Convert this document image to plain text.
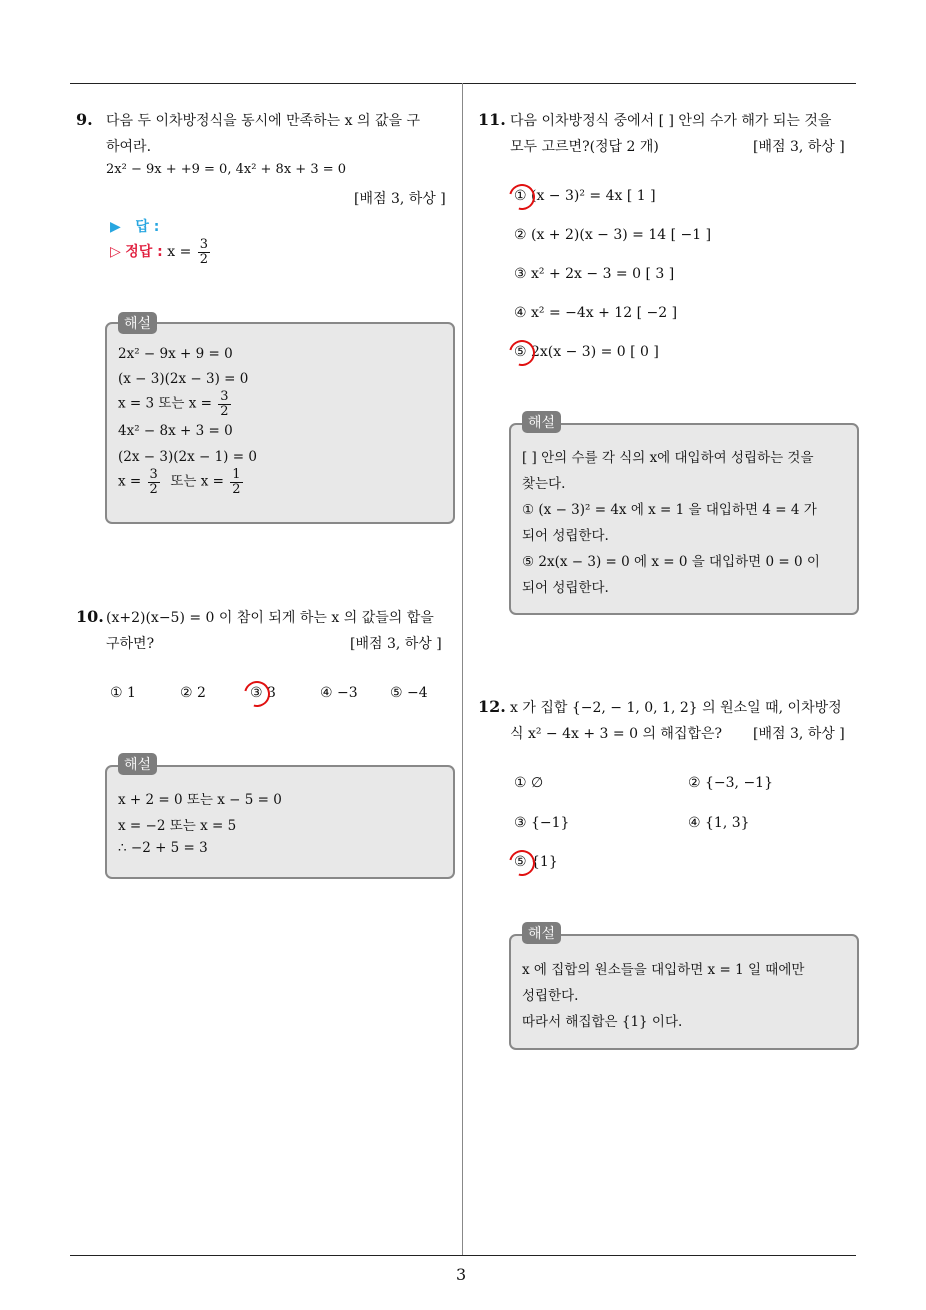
3
9. 다음 두 이차방정식을 동시에 만족하는 x 의 값을 구
하여라.
2x² − 9x + +9 = 0, 4x² + 8x + 3 = 0
[배점 3, 하상 ]
▶ 답 :
▷ 정답 : $x = \frac{3}{2}$
해설
2x² − 9x + 9 = 0
(x − 3)(2x − 3) = 0
x = 3 또는 $x = \frac{3}{2}$
4x² − 8x + 3 = 0
(2x − 3)(2x − 1) = 0
$x = \frac{3}{2}$ 또는 $x = \frac{1}{2}$
10. (x+2)(x−5) = 0 이 참이 되게 하는 x 의 값들의 합을
구하면?	[배점 3, 하상 ]
① 1	② 2	③ 3	④ −3 ⑤ −4
해설
x + 2 = 0 또는 x − 5 = 0
x = −2 또는 x = 5
∴ −2 + 5 = 3
11. 다음 이차방정식 중에서 [ ] 안의 수가 해가 되는 것을
모두 고르면?(정답 2 개)	[배점 3, 하상 ]
① (x − 3)² = 4x [ 1 ]
② (x + 2)(x − 3) = 14 [ −1 ]
③ x² + 2x − 3 = 0 [ 3 ]
④ x² = −4x + 12 [ −2 ]
⑤ 2x(x − 3) = 0 [ 0 ]
해설
[ ] 안의 수를 각 식의 x에 대입하여 성립하는 것을
찾는다.
① (x − 3)² = 4x 에 x = 1 을 대입하면 4 = 4 가
되어 성립한다.
⑤ 2x(x − 3) = 0 에 x = 0 을 대입하면 0 = 0 이
되어 성립한다.
12. x 가 집합 {−2, − 1, 0, 1, 2} 의 원소일 때, 이차방정
식 x² − 4x + 3 = 0 의 해집합은? [배점 3, 하상 ]
① ∅	② {−3, −1}
③ {−1}	④ {1, 3}
⑤ {1}
해설
x 에 집합의 원소들을 대입하면 x = 1 일 때에만
성립한다.
따라서 해집합은 {1} 이다.
